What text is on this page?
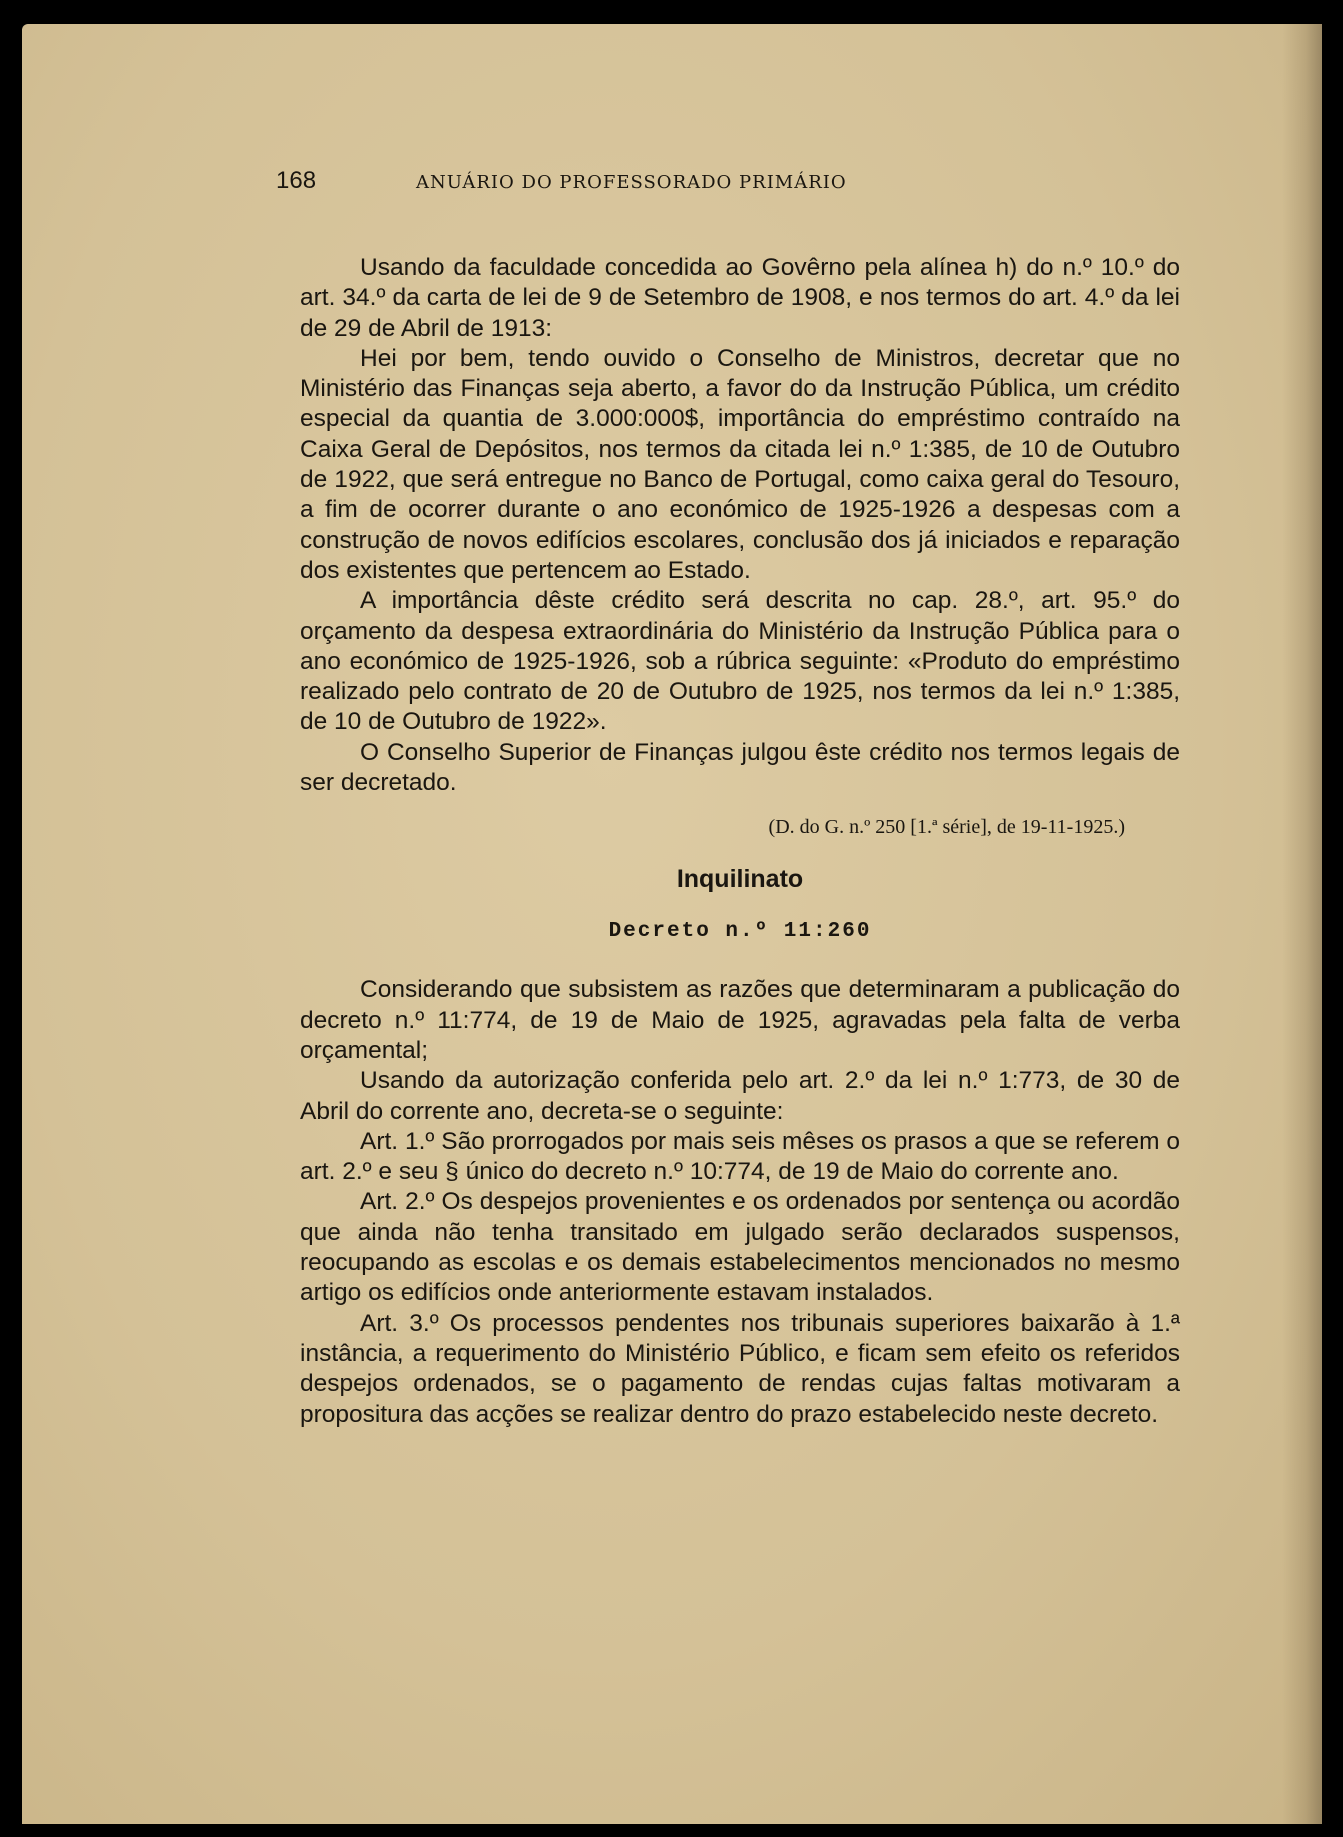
168	ANUÁRIO DO PROFESSORADO PRIMÁRIO

Usando da faculdade concedida ao Govêrno pela alínea h) do n.º 10.º do art. 34.º da carta de lei de 9 de Setembro de 1908, e nos termos do art. 4.º da lei de 29 de Abril de 1913:

Hei por bem, tendo ouvido o Conselho de Ministros, decretar que no Ministério das Finanças seja aberto, a favor do da Instrução Pública, um crédito especial da quantia de 3.000:000$, importância do empréstimo contraído na Caixa Geral de Depósitos, nos termos da citada lei n.º 1:385, de 10 de Outubro de 1922, que será entregue no Banco de Portugal, como caixa geral do Tesouro, a fim de ocorrer durante o ano económico de 1925-1926 a despesas com a construção de novos edifícios escolares, conclusão dos já iniciados e reparação dos existentes que pertencem ao Estado.

A importância dêste crédito será descrita no cap. 28.º, art. 95.º do orçamento da despesa extraordinária do Ministério da Instrução Pública para o ano económico de 1925-1926, sob a rúbrica seguinte: «Produto do empréstimo realizado pelo contrato de 20 de Outubro de 1925, nos termos da lei n.º 1:385, de 10 de Outubro de 1922».

O Conselho Superior de Finanças julgou êste crédito nos termos legais de ser decretado.

(D. do G. n.º 250 [1.ª série], de 19-11-1925.)
Inquilinato
Decreto n.º 11:260

Considerando que subsistem as razões que determinaram a publicação do decreto n.º 11:774, de 19 de Maio de 1925, agravadas pela falta de verba orçamental;

Usando da autorização conferida pelo art. 2.º da lei n.º 1:773, de 30 de Abril do corrente ano, decreta-se o seguinte:

Art. 1.º São prorrogados por mais seis mêses os prasos a que se referem o art. 2.º e seu § único do decreto n.º 10:774, de 19 de Maio do corrente ano.

Art. 2.º Os despejos provenientes e os ordenados por sentença ou acordão que ainda não tenha transitado em julgado serão declarados suspensos, reocupando as escolas e os demais estabelecimentos mencionados no mesmo artigo os edifícios onde anteriormente estavam instalados.

Art. 3.º Os processos pendentes nos tribunais superiores baixarão à 1.ª instância, a requerimento do Ministério Público, e ficam sem efeito os referidos despejos ordenados, se o pagamento de rendas cujas faltas motivaram a propositura das acções se realizar dentro do prazo estabelecido neste decreto.
